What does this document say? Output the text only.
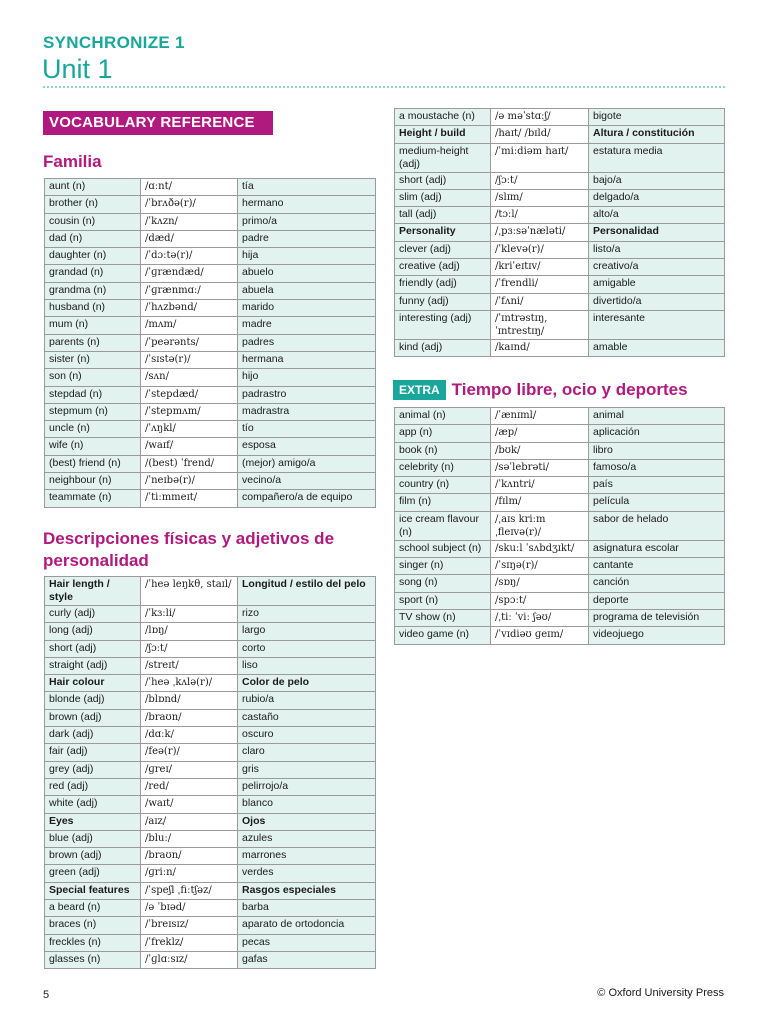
SYNCHRONIZE 1
Unit 1
VOCABULARY REFERENCE
Familia
aunt (n)	/ɑːnt/	tía
brother (n)	/ˈbrʌðə(r)/	hermano
cousin (n)	/ˈkʌzn/	primo/a
dad (n)	/dæd/	padre
daughter (n)	/ˈdɔːtə(r)/	hija
grandad (n)	/ˈɡrændæd/	abuelo
grandma (n)	/ˈɡrænmɑː/	abuela
husband (n)	/ˈhʌzbənd/	marido
mum (n)	/mʌm/	madre
parents (n)	/ˈpeərənts/	padres
sister (n)	/ˈsɪstə(r)/	hermana
son (n)	/sʌn/	hijo
stepdad (n)	/ˈstepdæd/	padrastro
stepmum (n)	/ˈstepmʌm/	madrastra
uncle (n)	/ˈʌŋkl/	tío
wife (n)	/waɪf/	esposa
(best) friend (n)	/(best) ˈfrend/	(mejor) amigo/a
neighbour (n)	/ˈneɪbə(r)/	vecino/a
teammate (n)	/ˈtiːmmeɪt/	compañero/a de equipo
Descripciones físicas y adjetivos de personalidad
Hair length / style	/ˈheə leŋkθ, staɪl/	Longitud / estilo del pelo
curly (adj)	/ˈkɜːli/	rizo
long (adj)	/lɒŋ/	largo
short (adj)	/ʃɔːt/	corto
straight (adj)	/streɪt/	liso
Hair colour	/ˈheə ˌkʌlə(r)/	Color de pelo
blonde (adj)	/blɒnd/	rubio/a
brown (adj)	/braʊn/	castaño
dark (adj)	/dɑːk/	oscuro
fair (adj)	/feə(r)/	claro
grey (adj)	/ɡreɪ/	gris
red (adj)	/red/	pelirrojo/a
white (adj)	/waɪt/	blanco
Eyes	/aɪz/	Ojos
blue (adj)	/bluː/	azules
brown (adj)	/braʊn/	marrones
green (adj)	/ɡriːn/	verdes
Special features	/ˈspeʃl ˌfiːtʃəz/	Rasgos especiales
a beard (n)	/ə ˈbɪəd/	barba
braces (n)	/ˈbreɪsɪz/	aparato de ortodoncia
freckles (n)	/ˈfreklz/	pecas
glasses (n)	/ˈɡlɑːsɪz/	gafas
a moustache (n)	/ə məˈstɑːʃ/	bigote
Height / build	/haɪt/ /bɪld/	Altura / constitución
medium-height (adj)	/ˈmiːdiəm haɪt/	estatura media
short (adj)	/ʃɔːt/	bajo/a
slim (adj)	/slɪm/	delgado/a
tall (adj)	/tɔːl/	alto/a
Personality	/ˌpɜːsəˈnæləti/	Personalidad
clever (adj)	/ˈklevə(r)/	listo/a
creative (adj)	/kriˈeɪtɪv/	creativo/a
friendly (adj)	/ˈfrendli/	amigable
funny (adj)	/ˈfʌni/	divertido/a
interesting (adj)	/ˈɪntrəstɪŋ, ˈɪntrestɪŋ/	interesante
kind (adj)	/kaɪnd/	amable
EXTRA Tiempo libre, ocio y deportes
animal (n)	/ˈænɪml/	animal
app (n)	/æp/	aplicación
book (n)	/bʊk/	libro
celebrity (n)	/səˈlebrəti/	famoso/a
country (n)	/ˈkʌntri/	país
film (n)	/fɪlm/	película
ice cream flavour (n)	/ˌaɪs kriːm ˌfleɪvə(r)/	sabor de helado
school subject (n)	/skuːl ˈsʌbdʒɪkt/	asignatura escolar
singer (n)	/ˈsɪŋə(r)/	cantante
song (n)	/sɒŋ/	canción
sport (n)	/spɔːt/	deporte
TV show (n)	/ˌtiː ˈviː ʃəʊ/	programa de televisión
video game (n)	/ˈvɪdiəʊ ɡeɪm/	videojuego
5	© Oxford University Press
